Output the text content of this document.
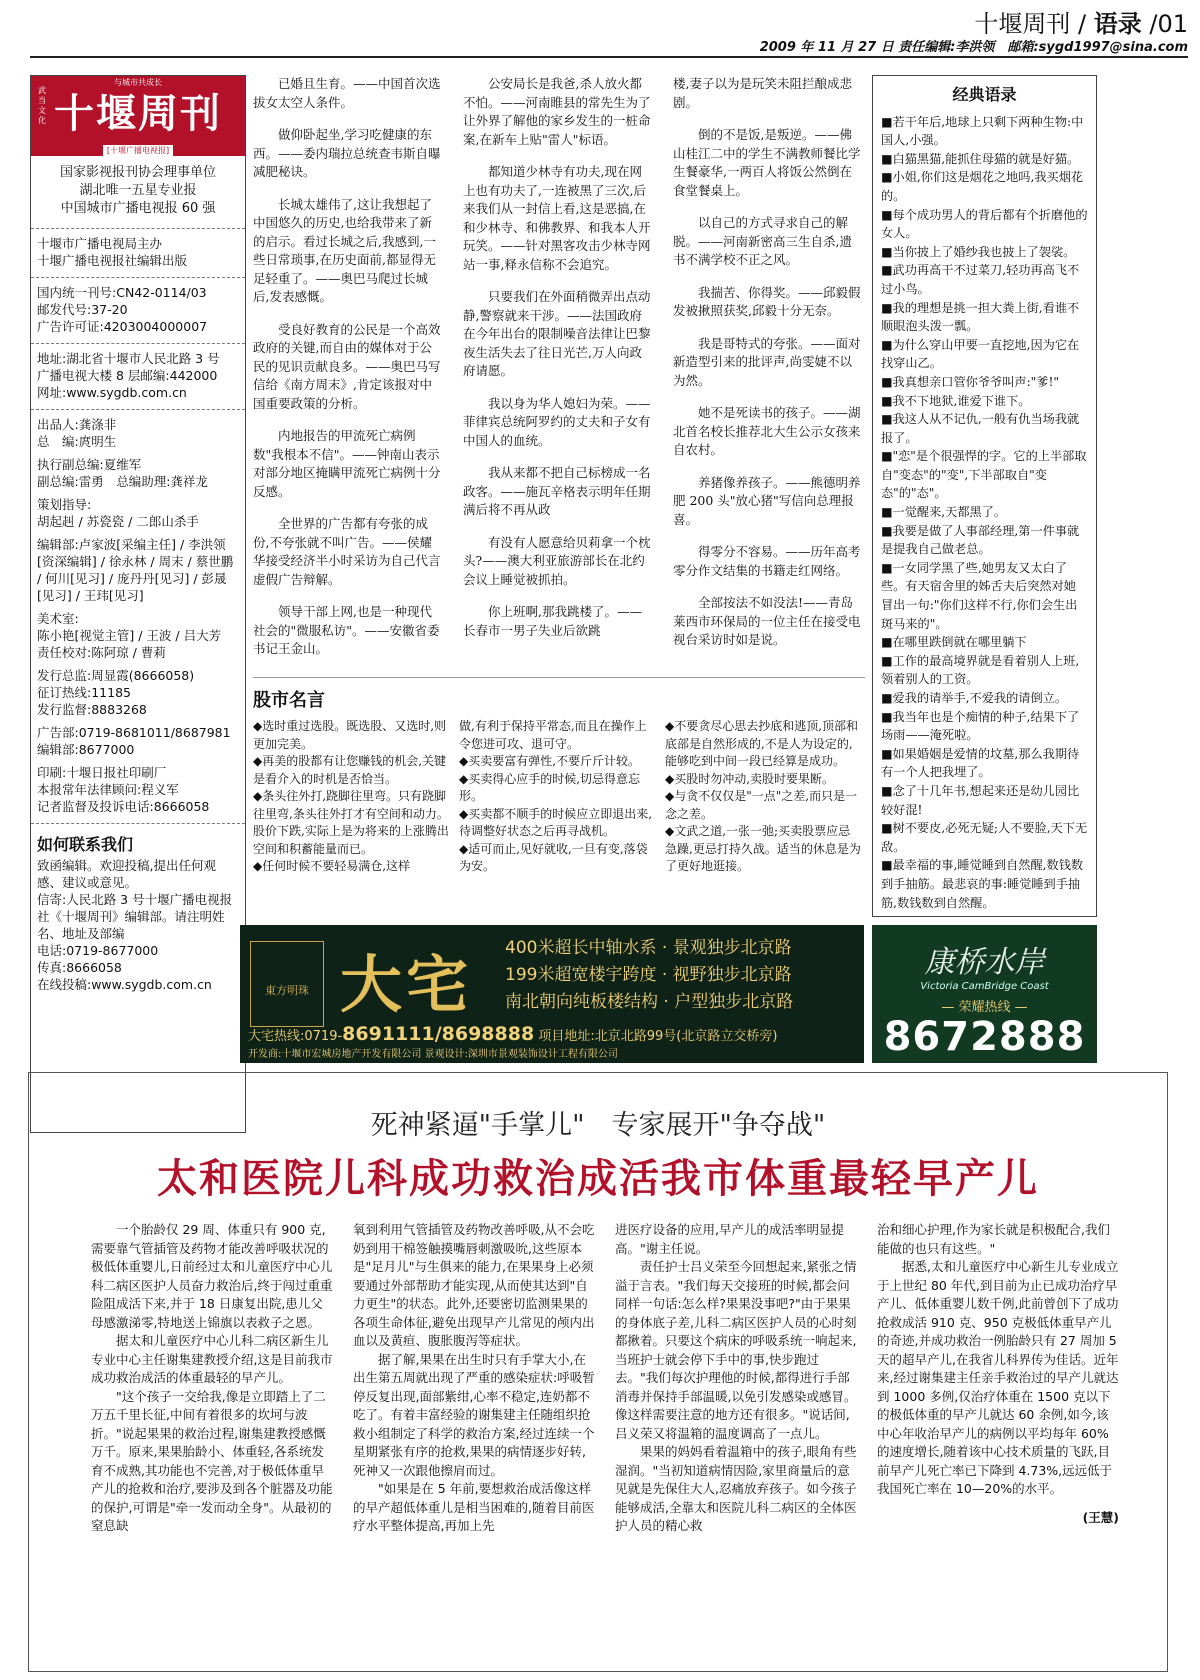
十堰周刊 / 语录 /01
2009 年 11 月 27 日 责任编辑:李洪领　 邮箱:sygd1997@sina.com
与城市共成长
武当文化 十堰周刊
[十堰广播电视报]

国家影视报刊协会理事单位

湖北唯一五星专业报

中国城市广播电视报 60 强

十堰市广播电视局主办

十堰广播电视报社编辑出版

国内统一刊号:CN42-0114/03

邮发代号:37-20

广告许可证:4203004000007

地址:湖北省十堰市人民北路 3 号

广播电视大楼 8 层邮编:442000

网址:www.sygdb.com.cn

出品人:龚涤非

总　编:庹明生

执行副总编:夏维军

副总编:雷勇　总编助理:龚祥龙

策划指导:

胡起赳 / 苏瓷瓷 / 二郎山杀手

编辑部:卢家波[采编主任] / 李洪领[资深编辑] / 徐永林 / 周末 / 蔡世鹏 / 何川[见习] / 庞丹丹[见习] / 彭晟[见习] / 王玮[见习]

美术室:

陈小艳[视觉主管] / 王波 / 吕大芳

责任校对:陈阿琼 / 曹莉

发行总监:周显霞(8666058)

征订热线:11185

发行监督:8883268

广告部:0719-8681011/8687981

编辑部:8677000

印刷:十堰日报社印刷厂

本报常年法律顾问:程义军

记者监督及投诉电话:8666058

如何联系我们

致函编辑。欢迎投稿,提出任何观感、建议或意见。

信寄:人民北路 3 号十堰广播电视报社《十堰周刊》编辑部。请注明姓名、地址及部编

电话:0719-8677000

传真:8666058

在线投稿:www.sygdb.com.cn

已婚且生育。——中国首次选拔女太空人条件。

做仰卧起坐,学习吃健康的东西。——委内瑞拉总统查韦斯自曝减肥秘诀。

长城太雄伟了,这让我想起了中国悠久的历史,也给我带来了新的启示。看过长城之后,我感到,一些日常琐事,在历史面前,都显得无足轻重了。——奥巴马爬过长城后,发表感慨。

受良好教育的公民是一个高效政府的关键,而自由的媒体对于公民的见识贡献良多。——奥巴马写信给《南方周末》,肯定该报对中国重要政策的分析。

内地报告的甲流死亡病例数"我根本不信"。——钟南山表示对部分地区掩瞒甲流死亡病例十分反感。

全世界的广告都有夸张的成份,不夸张就不叫广告。——侯耀华接受经济半小时采访为自己代言虚假广告辩解。

领导干部上网,也是一种现代社会的"微服私访"。——安徽省委书记王金山。

公安局长是我爸,杀人放火都不怕。——河南睢县的常先生为了让外界了解他的家乡发生的一桩命案,在新车上贴"雷人"标语。

都知道少林寺有功夫,现在网上也有功夫了,一连被黑了三次,后来我们从一封信上看,这是恶搞,在和少林寺、和佛教界、和我本人开玩笑。——针对黑客攻击少林寺网站一事,释永信称不会追究。

只要我们在外面稍微弄出点动静,警察就来干涉。——法国政府在今年出台的限制噪音法律让巴黎夜生活失去了往日光芒,万人向政府请愿。

我以身为华人媳妇为荣。——菲律宾总统阿罗约的丈夫和子女有中国人的血统。

我从来都不把自己标榜成一名政客。——施瓦辛格表示明年任期满后将不再从政

有没有人愿意给贝莉拿一个枕头?——澳大利亚旅游部长在北约会议上睡觉被抓拍。

你上班啊,那我跳楼了。——长春市一男子失业后欲跳

楼,妻子以为是玩笑未阻拦酿成悲剧。

倒的不是饭,是叛逆。——佛山桂江二中的学生不满教师餐比学生餐豪华,一两百人将饭公然倒在食堂餐桌上。

以自己的方式寻求自己的解脱。——河南新密高三生自杀,遗书不满学校不正之风。

我揣苦、你得奖。——邱毅假发被揪照获奖,邱毅十分无奈。

我是哥特式的夸张。——面对新造型引来的批评声,尚雯婕不以为然。

她不是死读书的孩子。——湖北首名校长推荐北大生公示女孩来自农村。

养猪像养孩子。——熊德明养肥 200 头"放心猪"写信向总理报喜。

得零分不容易。——历年高考零分作文结集的书籍走红网络。

全部按法不如没法!——青岛莱西市环保局的一位主任在接受电视台采访时如是说。

股市名言

◆选时重过选股。既选股、又选时,则更加完美。

◆再美的股都有让您赚钱的机会,关键是看介入的时机是否恰当。

◆条头往外打,跷脚往里弯。只有跷脚往里弯,条头往外打才有空间和动力。股价下跌,实际上是为将来的上涨腾出空间和积蓄能量而已。

◆任何时候不要轻易满仓,这样

做,有利于保持平常态,而且在操作上令您进可攻、退可守。

◆买卖要富有弹性,不要斤斤计较。

◆买卖得心应手的时候,切忌得意忘形。

◆买卖都不顺手的时候应立即退出来,待调整好状态之后再寻战机。

◆适可而止,见好就收,一旦有变,落袋为安。

◆不要贪尽心思去抄底和逃顶,顶部和底部是自然形成的,不是人为设定的,能够吃到中间一段已经算是成功。

◆买股时勿冲动,卖股时要果断。

◆与贪不仅仅是"一点"之差,而只是一念之差。

◆文武之道,一张一弛;买卖股票应忌急躁,更忌打持久战。适当的休息是为了更好地逛接。

经典语录

■若干年后,地球上只剩下两种生物:中国人,小强。

■白猫黑猫,能抓住母猫的就是好猫。

■小姐,你们这是烟花之地吗,我买烟花的。

■每个成功男人的背后都有个折磨他的女人。

■当你披上了婚纱我也披上了袈裟。

■武功再高干不过菜刀,轻功再高飞不过小鸟。

■我的理想是挑一担大粪上街,看谁不顺眼泡头泼一瓢。

■为什么穿山甲要一直挖地,因为它在找穿山乙。

■我真想亲口管你爷爷叫声:"爹!"

■我不下地狱,谁爱下谁下。

■我这人从不记仇,一般有仇当场我就报了。

■"恋"是个很强悍的字。它的上半部取自"变态"的"变",下半部取自"变态"的"态"。

■一觉醒来,天都黑了。

■我要是做了人事部经理,第一件事就是提我自己做老总。

■一女同学黑了些,她男友又太白了些。有天宿舍里的姊舌夫后突然对她冒出一句:"你们这样不行,你们会生出斑马来的"。

■在哪里跌倒就在哪里躺下

■工作的最高境界就是看着别人上班,领着别人的工资。

■爱我的请举手,不爱我的请倒立。

■我当年也是个痴情的种子,结果下了场雨——淹死啦。

■如果婚姻是爱情的坟墓,那么我期待有一个人把我埋了。

■念了十几年书,想起来还是幼儿园比较好混!

■树不要皮,必死无疑;人不要脸,天下无敌。

■最幸福的事,睡觉睡到自然醒,数钱数到手抽筋。最悲哀的事:睡觉睡到手抽筋,数钱数到自然醒。

東方明珠 大宅 400米超长中轴水系 · 景观独步北京路

199米超宽楼宇跨度 · 视野独步北京路

南北朝向纯板楼结构 · 户型独步北京路

大宅热线:0719-8691111/8698888 项目地址:北京北路99号(北京路立交桥旁)
开发商:十堰市宏城房地产开发有限公司 景观设计:深圳市景观装饰设计工程有限公司
康桥水岸
Victoria CamBridge Coast
— 荣耀热线 —
8672888
死神紧逼"手掌儿"　专家展开"争夺战"
太和医院儿科成功救治成活我市体重最轻早产儿

一个胎龄仅 29 周、体重只有 900 克,需要靠气管插管及药物才能改善呼吸状况的极低体重婴儿,日前经过太和儿童医疗中心儿科二病区医护人员奋力救治后,终于闯过重重险阻成活下来,并于 18 日康复出院,患儿父母感激涕零,特地送上锦旗以表救子之恩。

据太和儿童医疗中心儿科二病区新生儿专业中心主任谢集建教授介绍,这是目前我市成功救治成活的体重最轻的早产儿。

"这个孩子一交给我,像是立即踏上了二万五千里长征,中间有着很多的坎坷与波折。"说起果果的救治过程,谢集建教授感慨万千。原来,果果胎龄小、体重轻,各系统发育不成熟,其功能也不完善,对于极低体重早产儿的抢救和治疗,要涉及到各个脏器及功能的保护,可谓是"牵一发而动全身"。从最初的窒息缺

氧到利用气管插管及药物改善呼吸,从不会吃奶到用干棉签触摸嘴唇刺激吸吮,这些原本是"足月儿"与生俱来的能力,在果果身上必须要通过外部帮助才能实现,从而使其达到"自力更生"的状态。此外,还要密切监测果果的各项生命体征,避免出现早产儿常见的颅内出血以及黄疸、腹胀腹泻等症状。

据了解,果果在出生时只有手掌大小,在出生第五周就出现了严重的感染症状:呼吸暂停反复出现,面部紫绀,心率不稳定,连奶都不吃了。有着丰富经验的谢集建主任随组织抢救小组制定了科学的救治方案,经过连续一个星期紧张有序的抢救,果果的病情逐步好转,死神又一次跟他擦肩而过。

"如果是在 5 年前,要想救治成活像这样的早产超低体重儿是相当困难的,随着目前医疗水平整体提高,再加上先

进医疗设备的应用,早产儿的成活率明显提高。"谢主任说。

责任护士吕义荣至今回想起来,紧张之情溢于言表。"我们每天交接班的时候,都会问同样一句话:怎么样?果果没事吧?"由于果果的身体底子差,儿科二病区医护人员的心时刻都揪着。只要这个病床的呼吸系统一响起来,当班护士就会停下手中的事,快步跑过去。"我们每次护理他的时候,都得进行手部消毒并保持手部温暖,以免引发感染或感冒。像这样需要注意的地方还有很多。"说话间,吕义荣又将温箱的温度调高了一点儿。

果果的妈妈看着温箱中的孩子,眼角有些湿润。"当初知道病情因险,家里商量后的意见就是先保住大人,忍痛放弃孩子。如今孩子能够成活,全靠太和医院儿科二病区的全体医护人员的精心救

治和细心护理,作为家长就是积极配合,我们能做的也只有这些。"

据悉,太和儿童医疗中心新生儿专业成立于上世纪 80 年代,到目前为止已成功治疗早产儿、低体重婴儿数千例,此前曾创下了成功抢救成活 910 克、950 克极低体重早产儿的奇迹,并成功救治一例胎龄只有 27 周加 5 天的超早产儿,在我省儿科界传为佳话。近年来,经过谢集建主任亲手救治过的早产儿就达到 1000 多例,仅治疗体重在 1500 克以下的极低体重的早产儿就达 60 余例,如今,该中心年收治早产儿的病例以平均每年 60% 的速度增长,随着该中心技术质量的飞跃,目前早产儿死亡率已下降到 4.73%,远远低于我国死亡率在 10—20%的水平。

(王慧)
